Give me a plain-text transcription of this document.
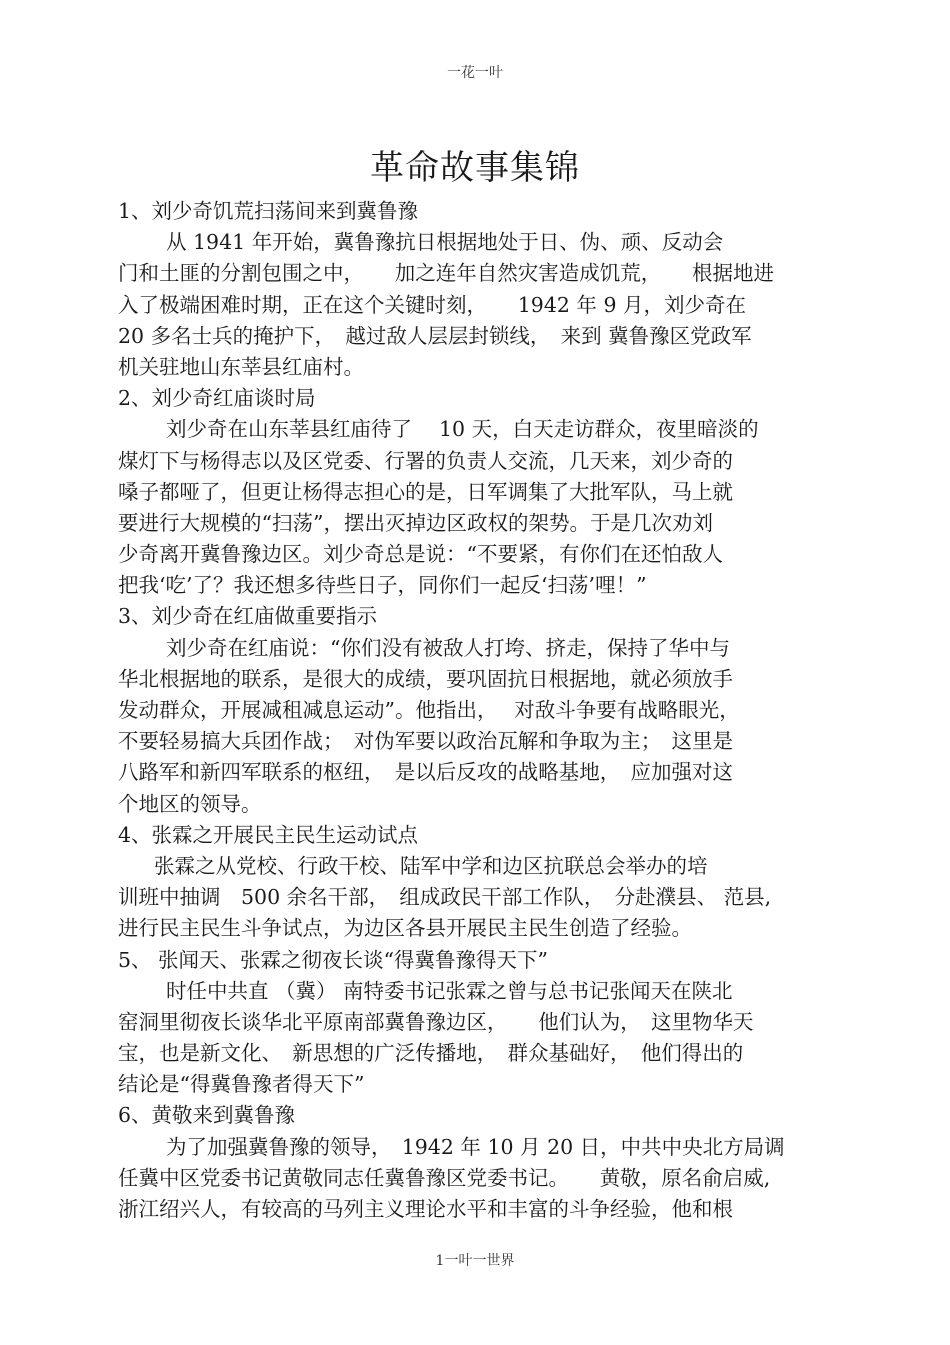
一花一叶
革命故事集锦
1、刘少奇饥荒扫荡间来到冀鲁豫
从 1941 年开始，冀鲁豫抗日根据地处于日、伪、顽、反动会
门和土匪的分割包围之中，　　加之连年自然灾害造成饥荒，　　根据地进
入了极端困难时期，正在这个关键时刻，　　1942 年 9 月，刘少奇在
20 多名士兵的掩护下，　越过敌人层层封锁线，　来到 冀鲁豫区党政军
机关驻地山东莘县红庙村。
2、刘少奇红庙谈时局
刘少奇在山东莘县红庙待了　 10 天，白天走访群众，夜里暗淡的
煤灯下与杨得志以及区党委、行署的负责人交流，几天来，刘少奇的
嗓子都哑了，但更让杨得志担心的是，日军调集了大批军队，马上就
要进行大规模的“扫荡”，摆出灭掉边区政权的架势。于是几次劝刘
少奇离开冀鲁豫边区。刘少奇总是说：“不要紧，有你们在还怕敌人
把我‘吃’了？我还想多待些日子，同你们一起反‘扫荡’哩！”
3、刘少奇在红庙做重要指示
刘少奇在红庙说：“你们没有被敌人打垮、挤走，保持了华中与
华北根据地的联系，是很大的成绩，要巩固抗日根据地，就必须放手
发动群众，开展减租减息运动”。他指出，　 对敌斗争要有战略眼光，
不要轻易搞大兵团作战；　对伪军要以政治瓦解和争取为主；　这里是
八路军和新四军联系的枢纽，　是以后反攻的战略基地，　应加强对这
个地区的领导。
4、张霖之开展民主民生运动试点
张霖之从党校、行政干校、陆军中学和边区抗联总会举办的培
训班中抽调　500 余名干部，　组成政民干部工作队，　分赴濮县、 范县,
进行民主民生斗争试点，为边区各县开展民主民生创造了经验。
5、 张闻天、张霖之彻夜长谈“得冀鲁豫得天下”
时任中共直 （冀） 南特委书记张霖之曾与总书记张闻天在陕北
窑洞里彻夜长谈华北平原南部冀鲁豫边区，　　他们认为，　这里物华天
宝，也是新文化、　新思想的广泛传播地，　群众基础好，　他们得出的
结论是“得冀鲁豫者得天下”
6、黄敬来到冀鲁豫
为了加强冀鲁豫的领导，　1942 年 10 月 20 日，中共中央北方局调
任冀中区党委书记黄敬同志任冀鲁豫区党委书记。　　黄敬，原名俞启威,
浙江绍兴人，有较高的马列主义理论水平和丰富的斗争经验，他和根
1一叶一世界
